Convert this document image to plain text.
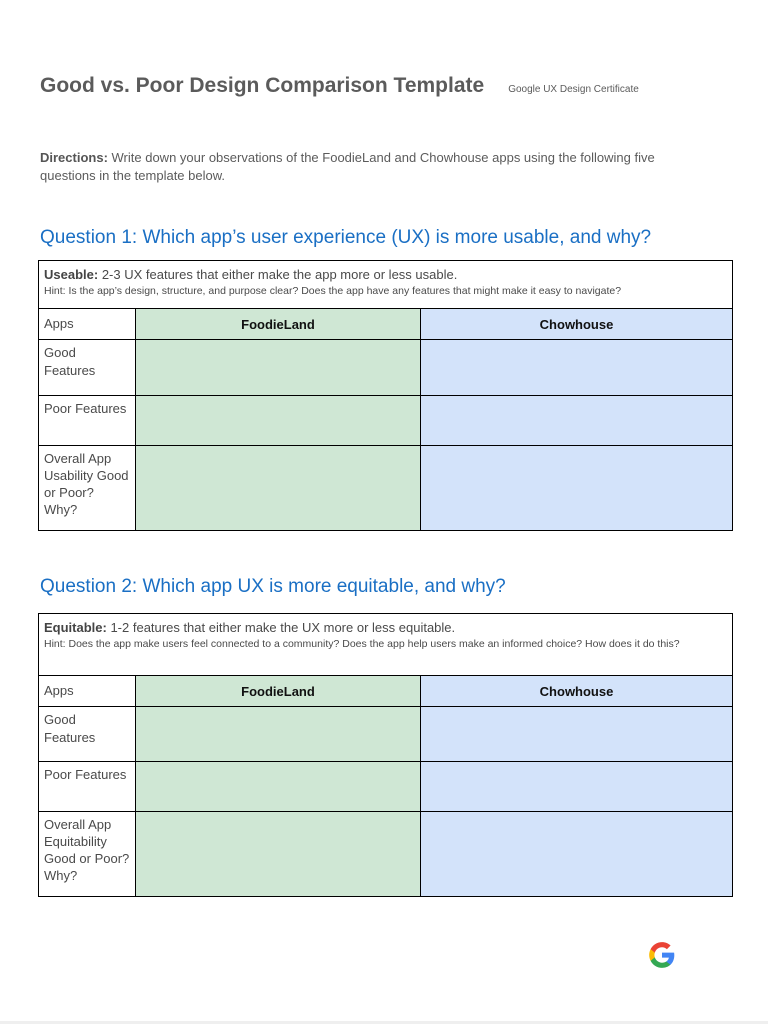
Good vs. Poor Design Comparison Template Google UX Design Certificate
Directions: Write down your observations of the FoodieLand and Chowhouse apps using the following five questions in the template below.
Question 1: Which app’s user experience (UX) is more usable, and why?
Useable: 2-3 UX features that either make the app more or less usable.
Hint: Is the app’s design, structure, and purpose clear? Does the app have any features that might make it easy to navigate?		

Apps	FoodieLand	Chowhouse
Good Features		
Poor Features		
Overall App Usability Good or Poor? Why?		
Question 2: Which app UX is more equitable, and why?
Equitable: 1-2 features that either make the UX more or less equitable.
Hint: Does the app make users feel connected to a community? Does the app help users make an informed choice? How does it do this?		

Apps	FoodieLand	Chowhouse
Good Features		
Poor Features		
Overall App Equitability Good or Poor? Why?		
